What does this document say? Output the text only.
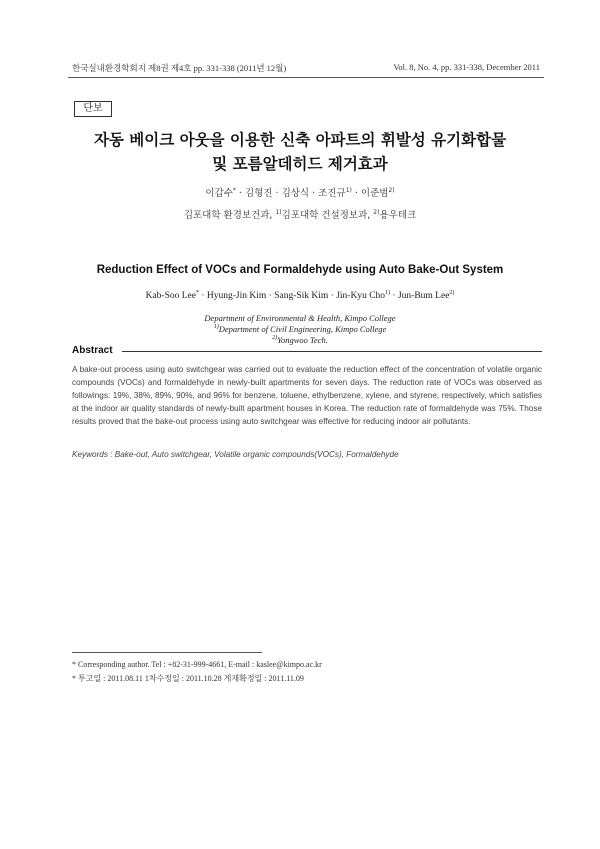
한국실내환경학회지 제8권 제4호 pp. 331-338 (2011년 12월)	Vol. 8, No. 4, pp. 331-338, December 2011
단보
자동 베이크 아웃을 이용한 신축 아파트의 휘발성 유기화합물
및 포름알데히드 제거효과
이갑수* · 김형진 · 김상식 · 조진규$^{1)}$ · 이준범$^{2)}$
김포대학 환경보건과, $^{1)}$김포대학 건설정보과, $^{2)}$용우테크
Reduction Effect of VOCs and Formaldehyde using Auto Bake-Out System
Kab-Soo Lee* · Hyung-Jin Kim · Sang-Sik Kim · Jin-Kyu Cho$^{1)}$ · Jun-Bum Lee$^{2)}$
Department of Environmental & Health, Kimpo College
$^{1)}$Department of Civil Engineering, Kimpo College
$^{2)}$Yongwoo Tech.
Abstract
A bake-out process using auto switchgear was carried out to evaluate the reduction effect of the concentration of volatile organic compounds (VOCs) and formaldehyde in newly-built apartments for seven days. The reduction rate of VOCs was observed as followings: 19%, 38%, 89%, 90%, and 96% for benzene, toluene, ethylbenzene, xylene, and styrene, respectively, which satisfies at the indoor air quality standards of newly-built apartment houses in Korea. The reduction rate of formaldehyde was 75%. Those results proved that the bake-out process using auto switchgear was effective for reducing indoor air pollutants.
Keywords : Bake-out, Auto switchgear, Volatile organic compounds(VOCs), Formaldehyde
* Corresponding author. Tel : +82-31-999-4661, E-mail : kaslee@kimpo.ac.kr
* 투고일 : 2011.08.11 1차수정일 : 2011.10.28 게재확정일 : 2011.11.09
